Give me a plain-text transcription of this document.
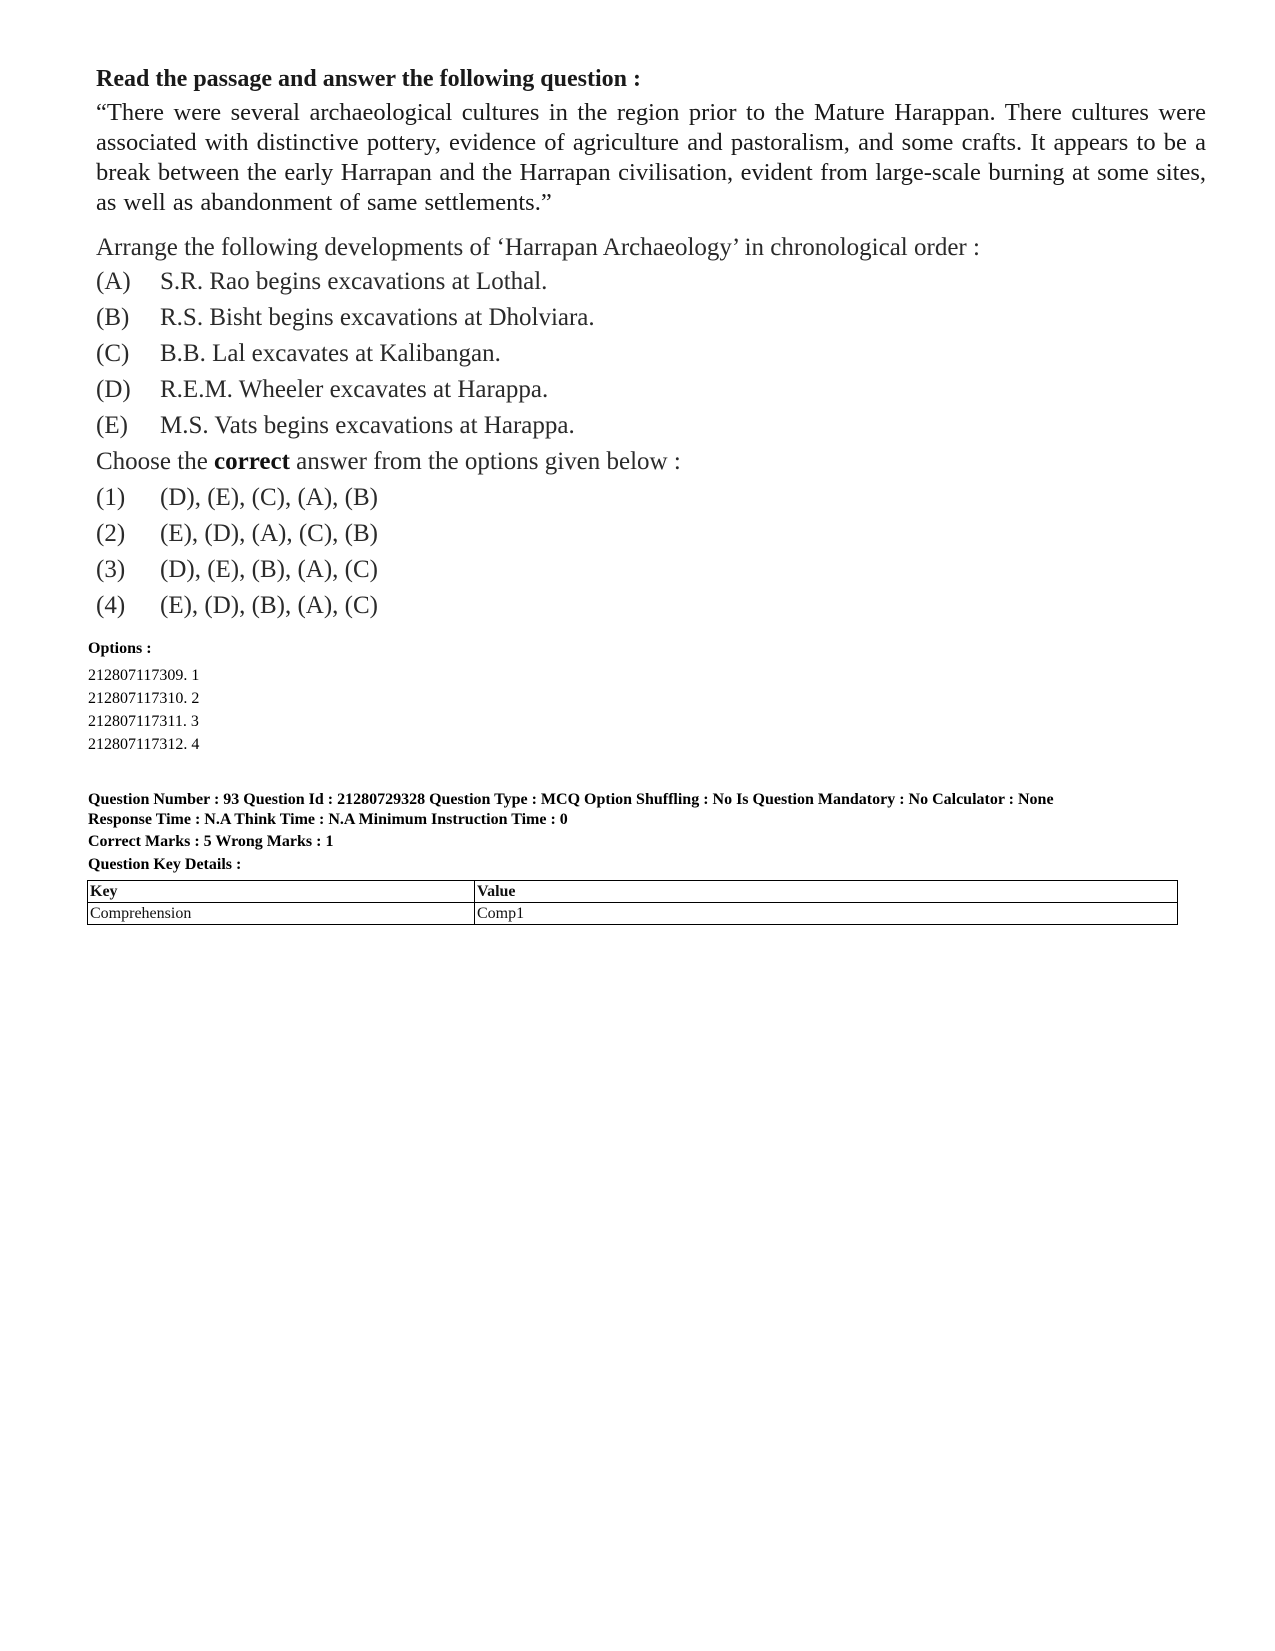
Read the passage and answer the following question :

“There were several archaeological cultures in the region prior to the Mature Harappan. There cultures were associated with distinctive pottery, evidence of agriculture and pastoralism, and some crafts. It appears to be a break between the early Harrapan and the Harrapan civilisation, evident from large-scale burning at some sites, as well as abandonment of same settlements.”

Arrange the following developments of ‘Harrapan Archaeology’ in chronological order :

(A)	S.R. Rao begins excavations at Lothal.
(B)	R.S. Bisht begins excavations at Dholviara.
(C)	B.B. Lal excavates at Kalibangan.
(D)	R.E.M. Wheeler excavates at Harappa.
(E)	M.S. Vats begins excavations at Harappa.

Choose the correct answer from the options given below :

(1)	(D), (E), (C), (A), (B)
(2)	(E), (D), (A), (C), (B)
(3)	(D), (E), (B), (A), (C)
(4)	(E), (D), (B), (A), (C)
Options :
212807117309. 1
212807117310. 2
212807117311. 3
212807117312. 4
Question Number : 93 Question Id : 21280729328 Question Type : MCQ Option Shuffling : No Is Question Mandatory : No Calculator : None
Response Time : N.A Think Time : N.A Minimum Instruction Time : 0
Correct Marks : 5 Wrong Marks : 1
Question Key Details :
Key	Value
Comprehension	Comp1
